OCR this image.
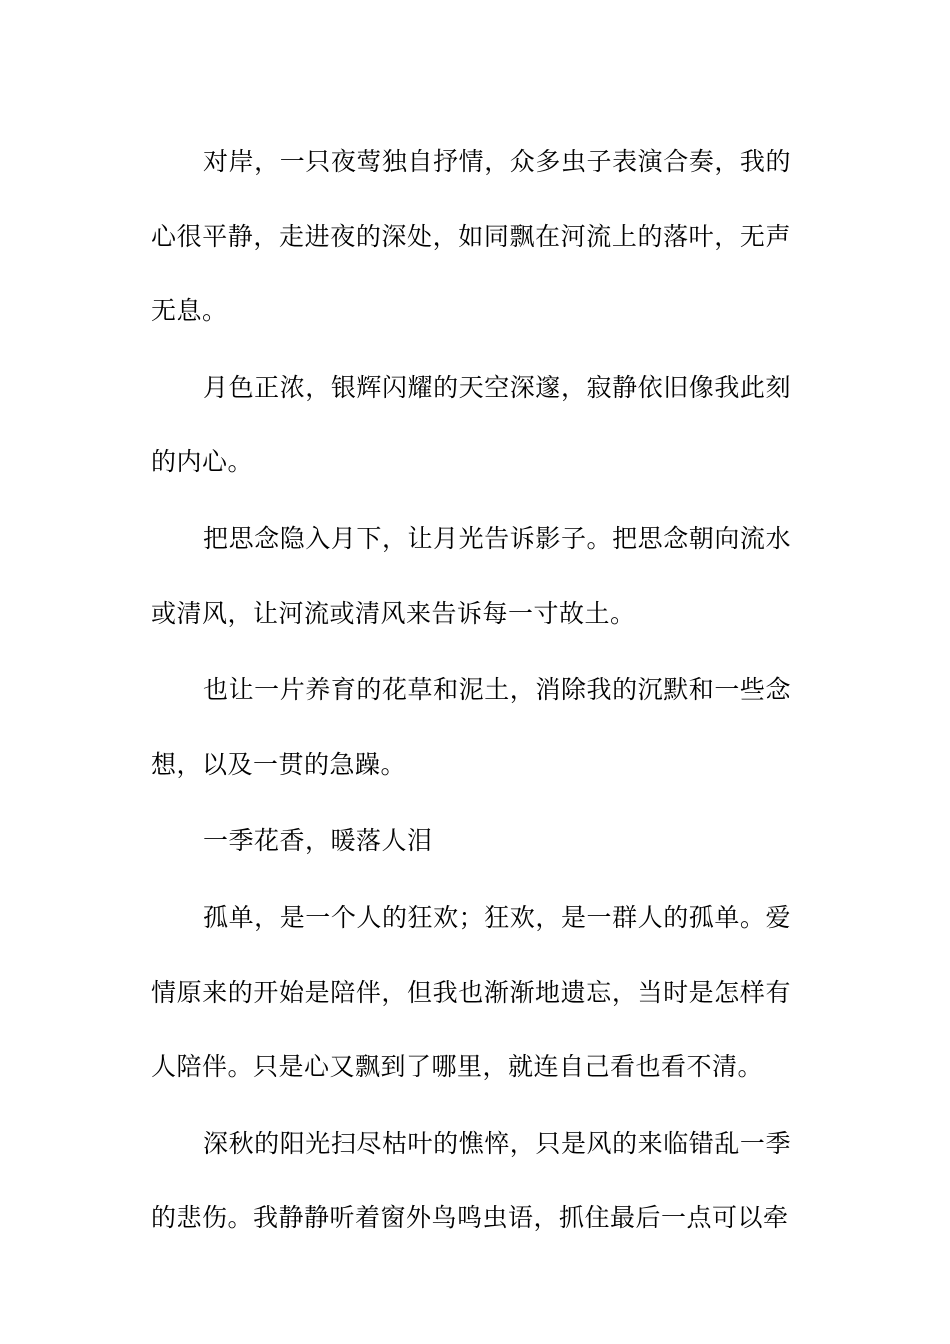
对岸，一只夜莺独自抒情，众多虫子表演合奏，我的心很平静，走进夜的深处，如同飘在河流上的落叶，无声无息。

月色正浓，银辉闪耀的天空深邃，寂静依旧像我此刻的内心。

把思念隐入月下，让月光告诉影子。把思念朝向流水或清风，让河流或清风来告诉每一寸故土。

也让一片养育的花草和泥土，消除我的沉默和一些念想，以及一贯的急躁。

一季花香，暖落人泪

孤单，是一个人的狂欢；狂欢，是一群人的孤单。爱情原来的开始是陪伴，但我也渐渐地遗忘，当时是怎样有人陪伴。只是心又飘到了哪里，就连自己看也看不清。

深秋的阳光扫尽枯叶的憔悴，只是风的来临错乱一季的悲伤。我静静听着窗外鸟鸣虫语，抓住最后一点可以牵
